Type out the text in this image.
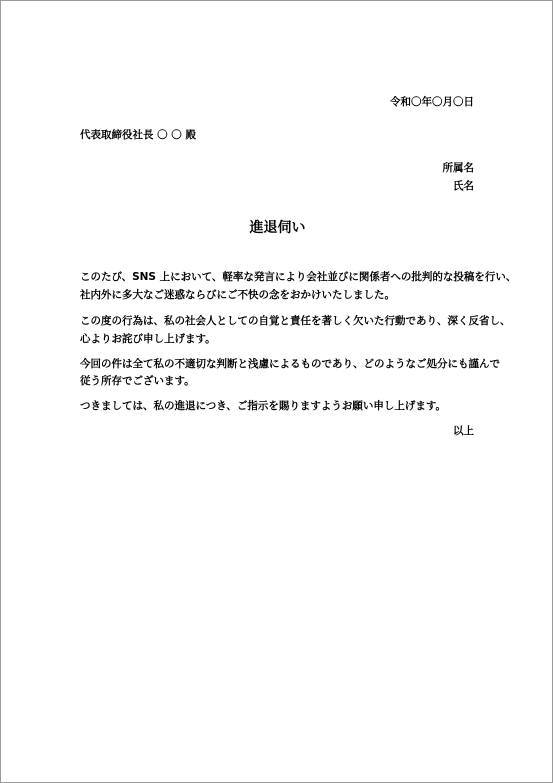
令和〇年〇月〇日
代表取締役社長 〇 〇 殿
所属名
氏名
進退伺い
このたび、SNS 上において、軽率な発言により会社並びに関係者への批判的な投稿を行い、
社内外に多大なご迷惑ならびにご不快の念をおかけいたしました。
この度の行為は、私の社会人としての自覚と責任を著しく欠いた行動であり、深く反省し、
心よりお詫び申し上げます。
今回の件は全て私の不適切な判断と浅慮によるものであり、どのようなご処分にも謹んで
従う所存でございます。
つきましては、私の進退につき、ご指示を賜りますようお願い申し上げます。
以上
